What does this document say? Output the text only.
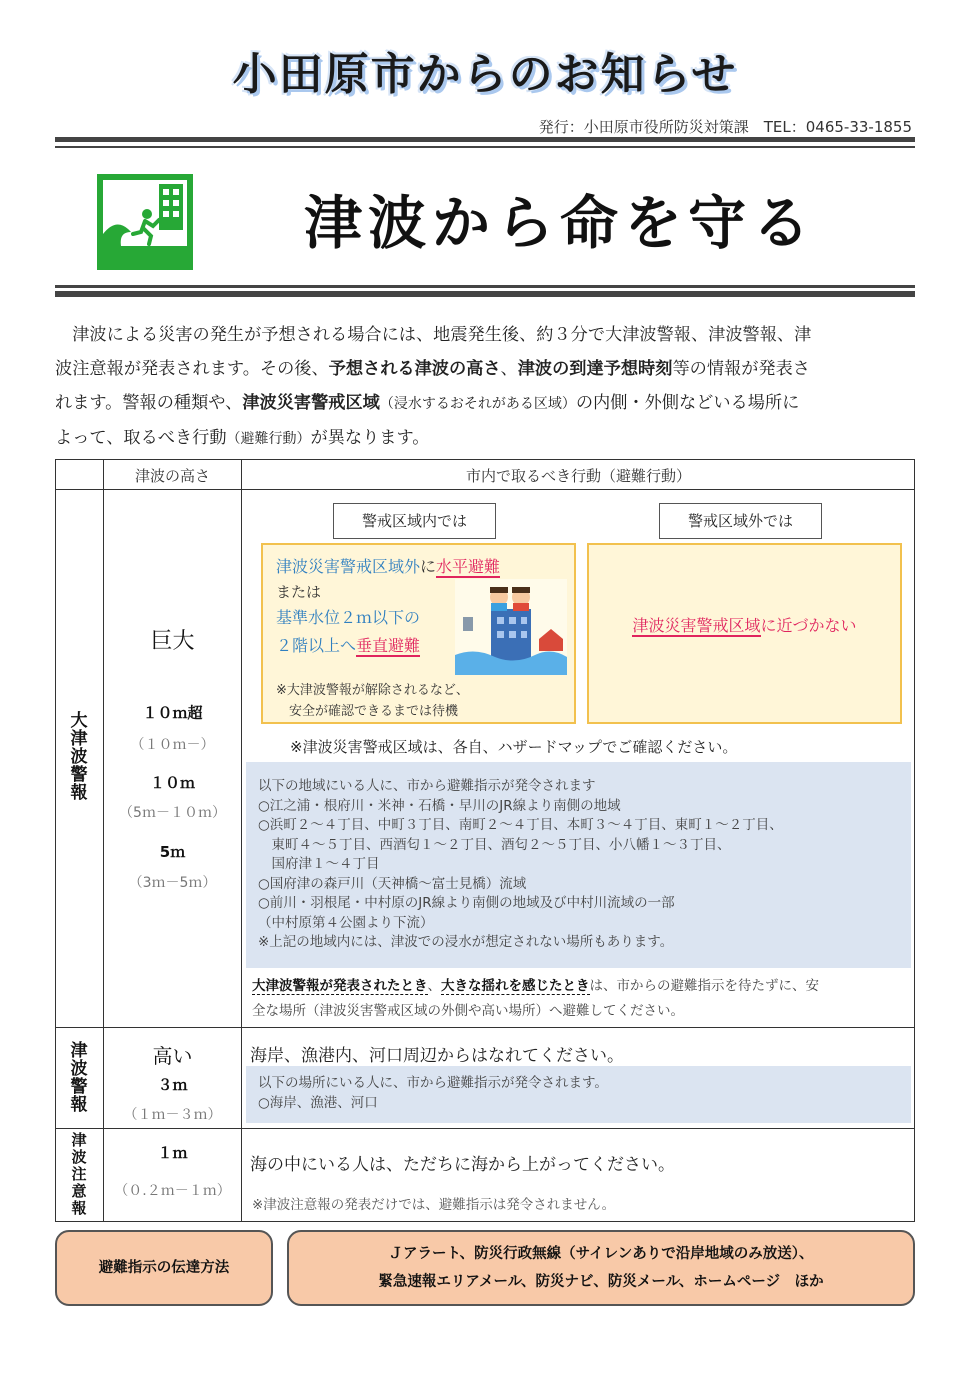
小田原市からのお知らせ
発行：小田原市役所防災対策課　TEL：0465-33-1855
津波から命を守る
　津波による災害の発生が予想される場合には、地震発生後、約３分で大津波警報、津波警報、津
波注意報が発表されます。その後、予想される津波の高さ、津波の到達予想時刻等の情報が発表さ
れます。警報の種類や、津波災害警戒区域（浸水するおそれがある区域）の内側・外側などいる場所に
よって、取るべき行動（避難行動）が異なります。
津波の高さ	市内で取るべき行動（避難行動）
大津波警報
巨大
１０ｍ超
（１０ｍ－）
１０ｍ
（5ｍ－１０ｍ）
5ｍ
（3ｍ－5ｍ）
警戒区域内では	警戒区域外では
津波災害警戒区域外に水平避難
または
基準水位２ｍ以下の
２階以上へ垂直避難
※大津波警報が解除されるなど、
　安全が確認できるまでは待機
津波災害警戒区域に近づかない
※津波災害警戒区域は、各自、ハザードマップでご確認ください。
以下の地域にいる人に、市から避難指示が発令されます
○江之浦・根府川・米神・石橋・早川のJR線より南側の地域
○浜町２～４丁目、中町３丁目、南町２～４丁目、本町３～４丁目、東町１～２丁目、
　東町４～５丁目、西酒匂１～２丁目、酒匂２～５丁目、小八幡１～３丁目、
　国府津１～４丁目
○国府津の森戸川（天神橋～富士見橋）流域
○前川・羽根尾・中村原のJR線より南側の地域及び中村川流域の一部
（中村原第４公園より下流）
※上記の地域内には、津波での浸水が想定されない場所もあります。
大津波警報が発表されたとき、大きな揺れを感じたときは、市からの避難指示を待たずに、安
全な場所（津波災害警戒区域の外側や高い場所）へ避難してください。
津波警報
高い
３ｍ
（１ｍ－３ｍ）
海岸、漁港内、河口周辺からはなれてください。
以下の場所にいる人に、市から避難指示が発令されます。
○海岸、漁港、河口
津波注意報
１ｍ
（０.２ｍ－１ｍ）
海の中にいる人は、ただちに海から上がってください。
※津波注意報の発表だけでは、避難指示は発令されません。
避難指示の伝達方法
Ｊアラート、防災行政無線（サイレンありで沿岸地域のみ放送）、
緊急速報エリアメール、防災ナビ、防災メール、ホームページ　ほか
